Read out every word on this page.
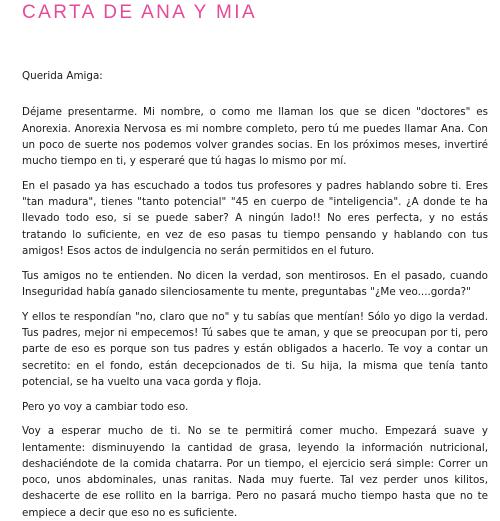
CARTA DE ANA Y MIA

Querida Amiga:

Déjame presentarme. Mi nombre, o como me llaman los que se dicen "doctores" es Anorexia. Anorexia Nervosa es mi nombre completo, pero tú me puedes llamar Ana. Con un poco de suerte nos podemos volver grandes socias. En los próximos meses, invertiré mucho tiempo en ti, y esperaré que tú hagas lo mismo por mí.

En el pasado ya has escuchado a todos tus profesores y padres hablando sobre ti. Eres "tan madura", tienes "tanto potencial" "45 en cuerpo de "inteligencia". ¿A donde te ha llevado todo eso, si se puede saber? A ningún lado!! No eres perfecta, y no estás tratando lo suficiente, en vez de eso pasas tu tiempo pensando y hablando con tus amigos! Esos actos de indulgencia no serán permitidos en el futuro.

Tus amigos no te entienden. No dicen la verdad, son mentirosos. En el pasado, cuando Inseguridad había ganado silenciosamente tu mente, preguntabas "¿Me veo....gorda?"

Y ellos te respondían "no, claro que no" y tu sabías que mentían! Sólo yo digo la verdad. Tus padres, mejor ni empecemos! Tú sabes que te aman, y que se preocupan por ti, pero parte de eso es porque son tus padres y están obligados a hacerlo. Te voy a contar un secretito: en el fondo, están decepcionados de ti. Su hija, la misma que tenía tanto potencial, se ha vuelto una vaca gorda y floja.

Pero yo voy a cambiar todo eso.

Voy a esperar mucho de ti. No se te permitirá comer mucho. Empezará suave y lentamente: disminuyendo la cantidad de grasa, leyendo la información nutricional, deshaciéndote de la comida chatarra. Por un tiempo, el ejercicio será simple: Correr un poco, unos abdominales, unas ranitas. Nada muy fuerte. Tal vez perder unos kilitos, deshacerte de ese rollito en la barriga. Pero no pasará mucho tiempo hasta que no te empiece a decir que eso no es suficiente.
